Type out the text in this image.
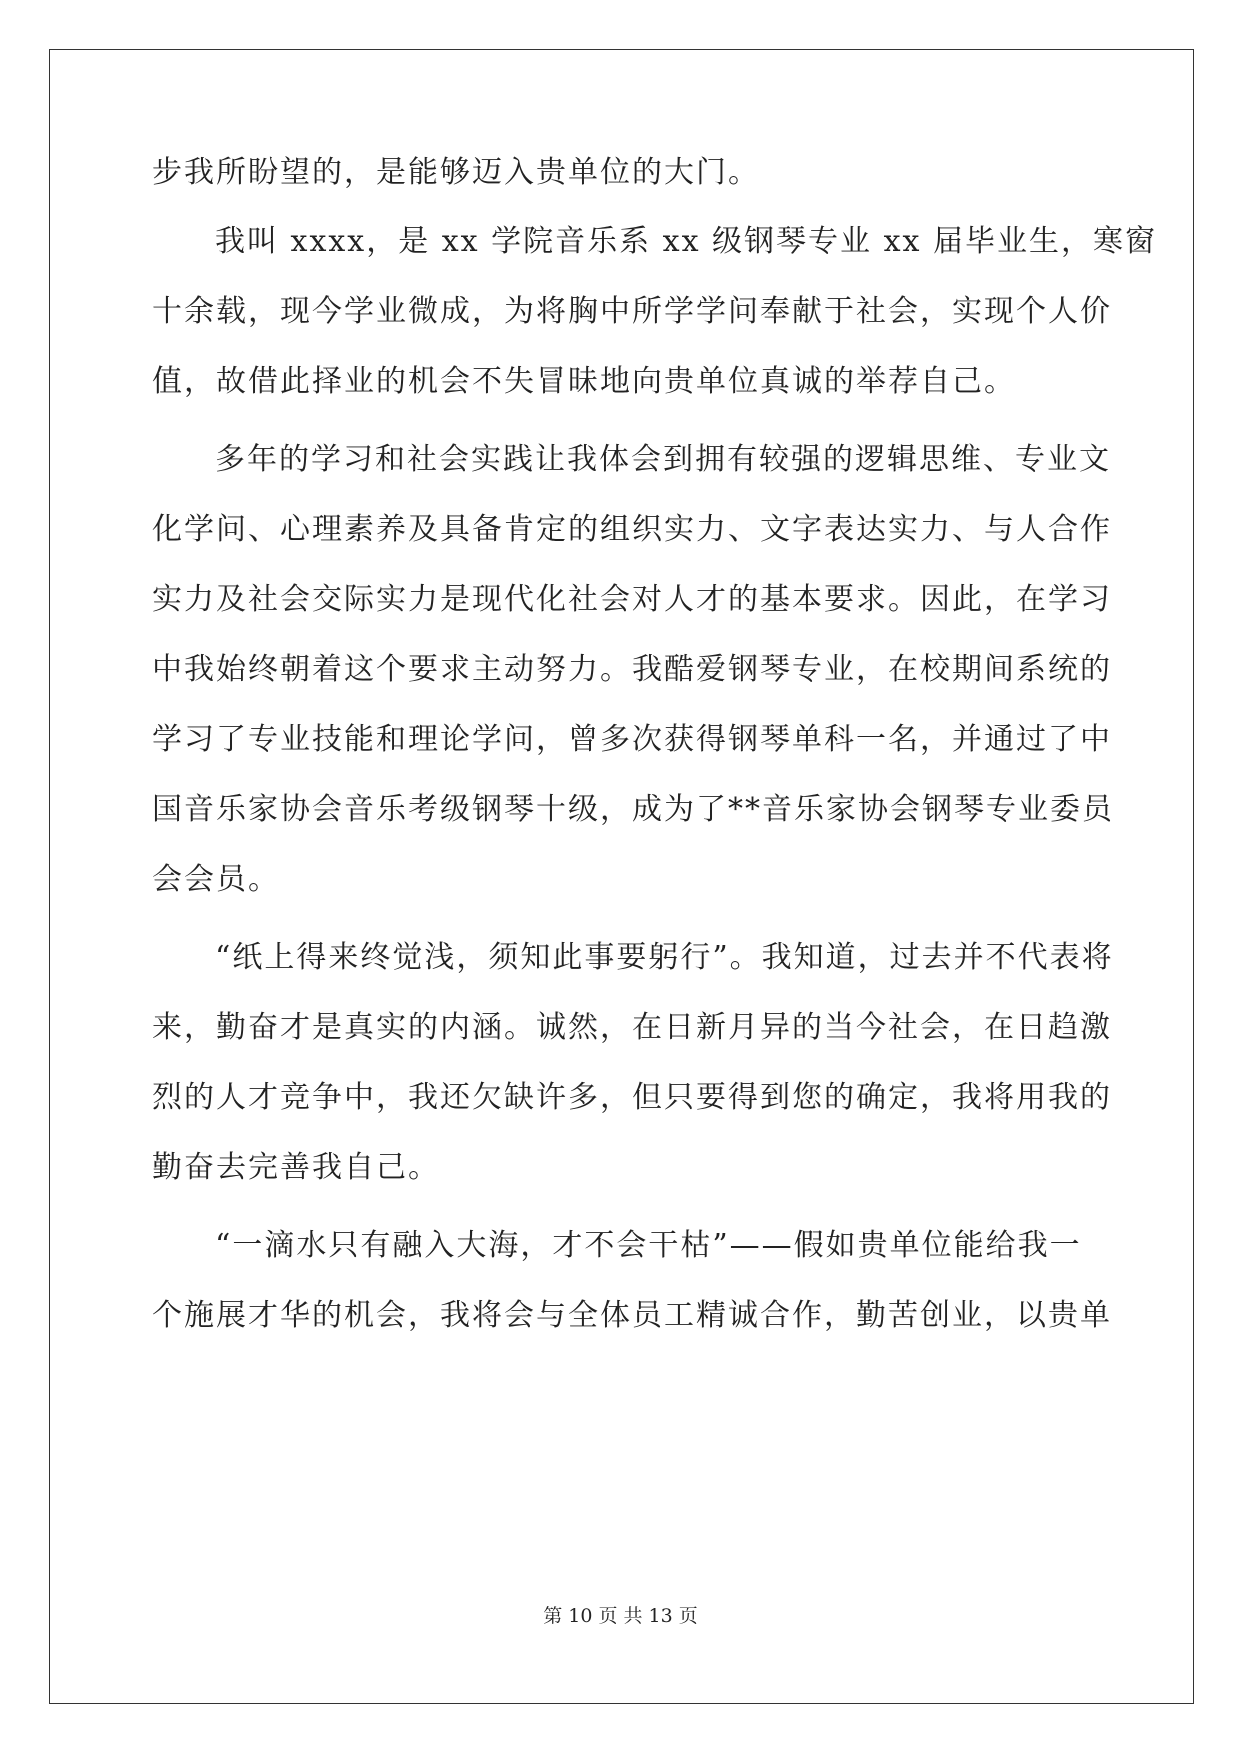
步我所盼望的，是能够迈入贵单位的大门。
我叫 xxxx，是 xx 学院音乐系 xx 级钢琴专业 xx 届毕业生，寒窗
十余载，现今学业微成，为将胸中所学学问奉献于社会，实现个人价
值，故借此择业的机会不失冒昧地向贵单位真诚的举荐自己。
多年的学习和社会实践让我体会到拥有较强的逻辑思维、专业文
化学问、心理素养及具备肯定的组织实力、文字表达实力、与人合作
实力及社会交际实力是现代化社会对人才的基本要求。因此，在学习
中我始终朝着这个要求主动努力。我酷爱钢琴专业，在校期间系统的
学习了专业技能和理论学问，曾多次获得钢琴单科一名，并通过了中
国音乐家协会音乐考级钢琴十级，成为了**音乐家协会钢琴专业委员
会会员。
“纸上得来终觉浅，须知此事要躬行”。我知道，过去并不代表将
来，勤奋才是真实的内涵。诚然，在日新月异的当今社会，在日趋激
烈的人才竞争中，我还欠缺许多，但只要得到您的确定，我将用我的
勤奋去完善我自己。
“一滴水只有融入大海，才不会干枯”——假如贵单位能给我一
个施展才华的机会，我将会与全体员工精诚合作，勤苦创业，以贵单
第 10 页 共 13 页
